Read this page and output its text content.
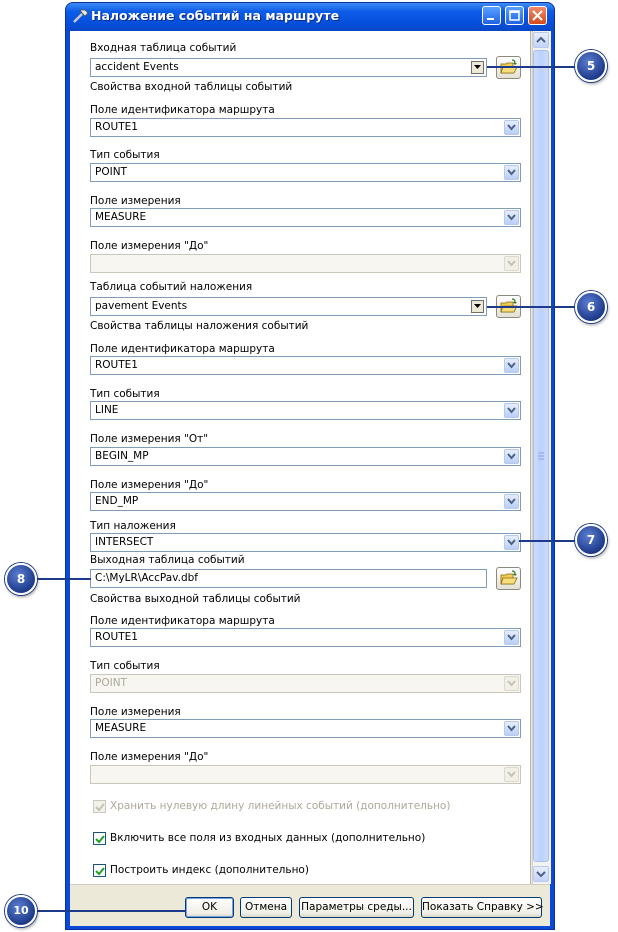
Наложение событий на маршруте
Входная таблица событий
accident Events
Свойства входной таблицы событий
Поле идентификатора маршрута
ROUTE1
Тип события
POINT
Поле измерения
MEASURE
Поле измерения "До"
Таблица событий наложения
pavement Events
Свойства таблицы наложения событий
Поле идентификатора маршрута
ROUTE1
Тип события
LINE
Поле измерения "От"
BEGIN_MP
Поле измерения "До"
END_MP
Тип наложения
INTERSECT
Выходная таблица событий
C:\MyLR\AccPav.dbf
Свойства выходной таблицы событий
Поле идентификатора маршрута
ROUTE1
Тип события
POINT
Поле измерения
MEASURE
Поле измерения "До"
Хранить нулевую длину линейных событий (дополнительно)
Включить все поля из входных данных (дополнительно)
Построить индекс (дополнительно)
OK	Отмена	Параметры среды... Показать Справку >>
5
6
7
8
10
